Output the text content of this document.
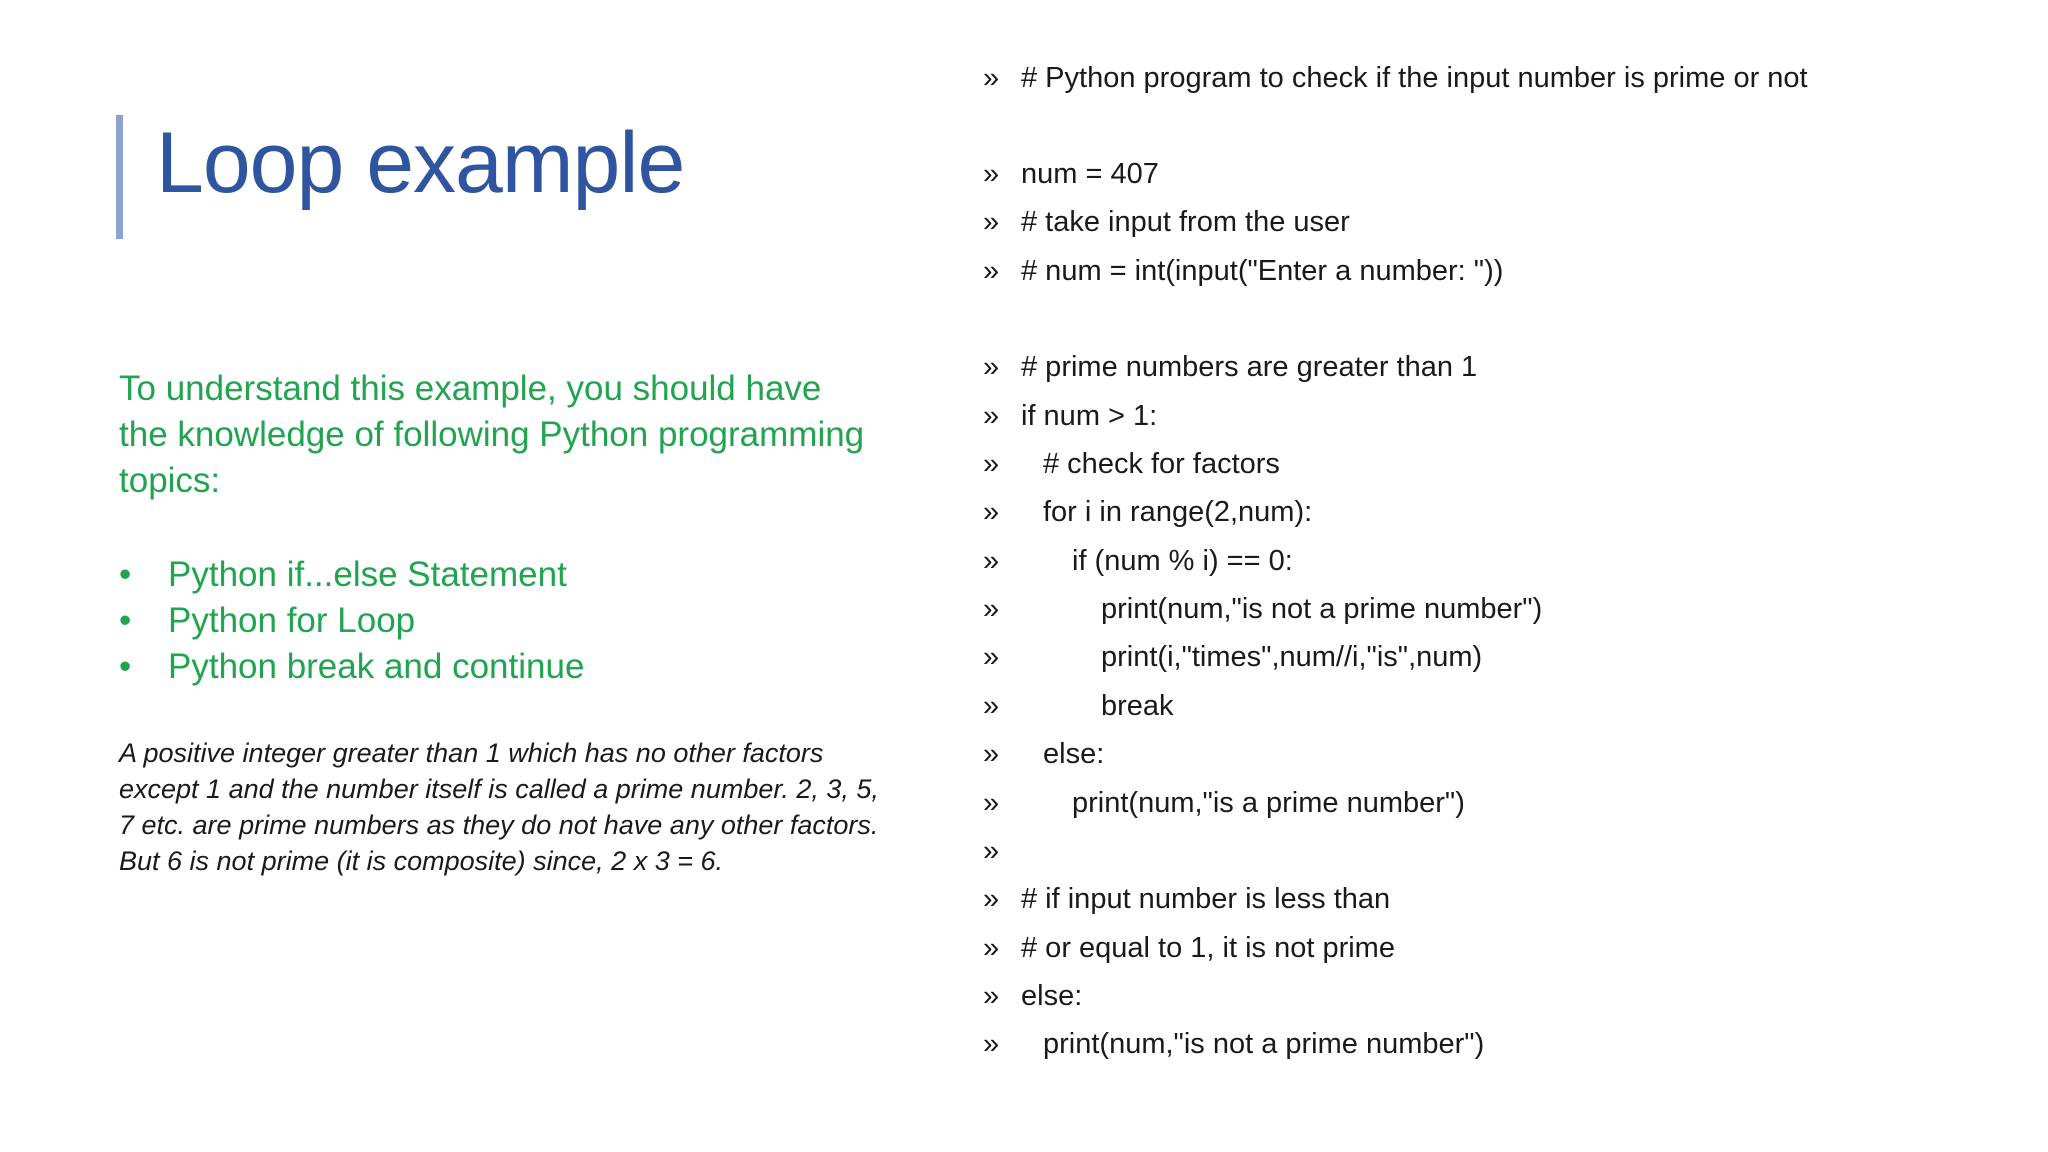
Loop example

To understand this example, you should have the knowledge of following Python programming topics:

• Python if...else Statement
• Python for Loop
• Python break and continue

A positive integer greater than 1 which has no other factors except 1 and the number itself is called a prime number. 2, 3, 5, 7 etc. are prime numbers as they do not have any other factors. But 6 is not prime (it is composite) since, 2 x 3 = 6.

» # Python program to check if the input number is prime or not
» num = 407
» # take input from the user
» # num = int(input("Enter a number: "))
» # prime numbers are greater than 1
» if num > 1:
» # check for factors
» for i in range(2,num):
»	if (num % i) == 0:
»	print(num,"is not a prime number")
»	print(i,"times",num//i,"is",num)
»	break
» else:
»	print(num,"is a prime number")
»
» # if input number is less than
» # or equal to 1, it is not prime
» else:
» print(num,"is not a prime number")
